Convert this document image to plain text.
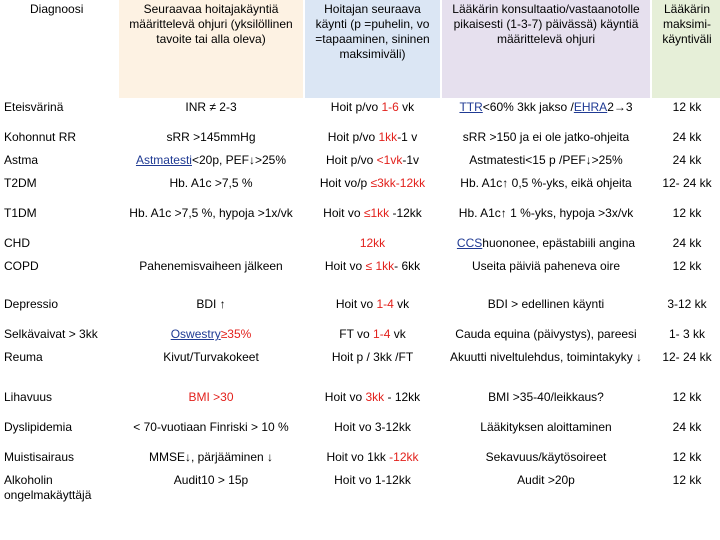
Diagnoosi	Seuraavaa hoitajakäyntiä määrittelevä ohjuri (yksilöllinen tavoite tai alla oleva)	Hoitajan seuraava käynti (p =puhelin, vo =tapaaminen, sininen maksimiväli)	Lääkärin konsultaatio/vastaanotolle pikaisesti (1-3-7) päivässä) käyntiä määrittelevä ohjuri	Lääkärin maksimi-käyntiväli
Eteisvärinä	INR ≠ 2-3	Hoit p/vo 1-6 vk	TTR<60% 3kk jakso /EHRA2→3	12 kk
Kohonnut RR	sRR >145mmHg	Hoit p/vo 1kk-1 v	sRR >150 ja ei ole jatko-ohjeita	24 kk
Astma	Astmatesti<20p, PEF↓>25%	Hoit p/vo <1vk-1v	Astmatesti<15 p /PEF↓>25%	24 kk
T2DM	Hb. A1c >7,5 %	Hoit vo/p ≤3kk-12kk	Hb. A1c↑ 0,5 %-yks, eikä ohjeita	12- 24 kk
T1DM	Hb. A1c >7,5 %, hypoja >1x/vk	Hoit vo ≤1kk -12kk	Hb. A1c↑ 1 %-yks, hypoja >3x/vk	12 kk
CHD		12kk	CCShuononee, epästabiili angina	24 kk
COPD	Pahenemisvaiheen jälkeen	Hoit vo ≤ 1kk- 6kk	Useita päiviä paheneva oire	12 kk
Depressio	BDI ↑	Hoit vo 1-4 vk	BDI > edellinen käynti	3-12 kk
Selkävaivat > 3kk	Oswestry≥35%	FT vo 1-4 vk	Cauda equina (päivystys), pareesi	1- 3 kk
Reuma	Kivut/Turvakokeet	Hoit p / 3kk /FT	Akuutti niveltulehdus, toimintakyky ↓	12- 24 kk
Lihavuus	BMI >30	Hoit vo 3kk - 12kk	BMI >35-40/leikkaus?	12 kk
Dyslipidemia	< 70-vuotiaan Finriski > 10 %	Hoit vo 3-12kk	Lääkityksen aloittaminen	24 kk
Muistisairaus	MMSE↓, pärjääminen ↓	Hoit vo 1kk -12kk	Sekavuus/käytösoireet	12 kk
Alkoholin ongelmakäyttäjä	Audit10 > 15p	Hoit vo 1-12kk	Audit >20p	12 kk
